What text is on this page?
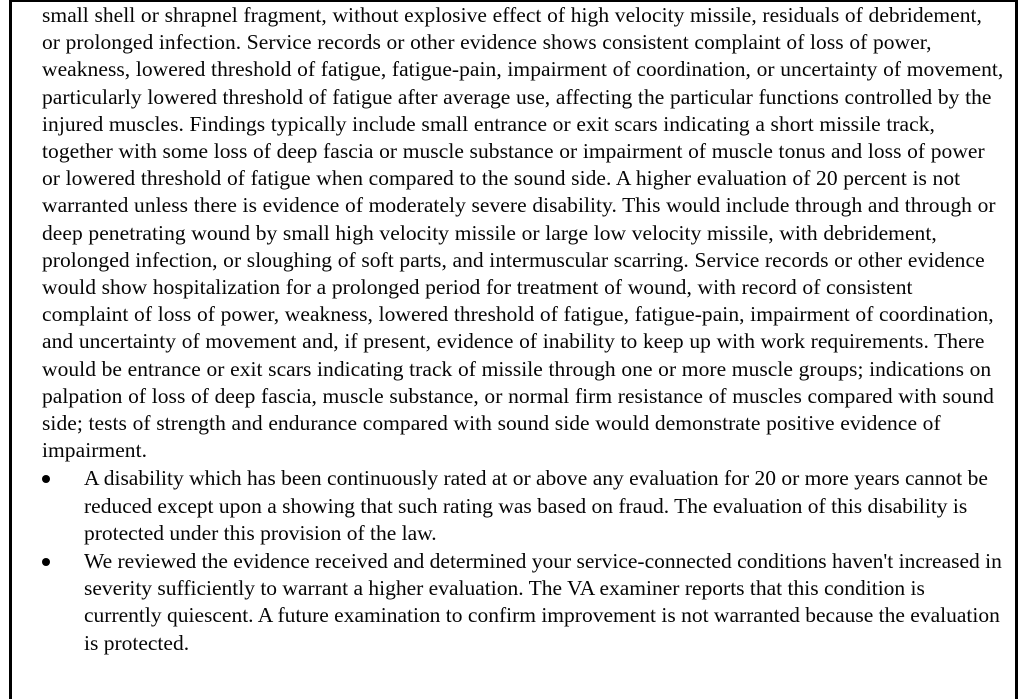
small shell or shrapnel fragment, without explosive effect of high velocity missile, residuals of debridement, or prolonged infection. Service records or other evidence shows consistent complaint of loss of power, weakness, lowered threshold of fatigue, fatigue-pain, impairment of coordination, or uncertainty of movement, particularly lowered threshold of fatigue after average use, affecting the particular functions controlled by the injured muscles. Findings typically include small entrance or exit scars indicating a short missile track, together with some loss of deep fascia or muscle substance or impairment of muscle tonus and loss of power or lowered threshold of fatigue when compared to the sound side. A higher evaluation of 20 percent is not warranted unless there is evidence of moderately severe disability. This would include through and through or deep penetrating wound by small high velocity missile or large low velocity missile, with debridement, prolonged infection, or sloughing of soft parts, and intermuscular scarring. Service records or other evidence would show hospitalization for a prolonged period for treatment of wound, with record of consistent complaint of loss of power, weakness, lowered threshold of fatigue, fatigue-pain, impairment of coordination, and uncertainty of movement and, if present, evidence of inability to keep up with work requirements. There would be entrance or exit scars indicating track of missile through one or more muscle groups; indications on palpation of loss of deep fascia, muscle substance, or normal firm resistance of muscles compared with sound side; tests of strength and endurance compared with sound side would demonstrate positive evidence of impairment.

A disability which has been continuously rated at or above any evaluation for 20 or more years cannot be reduced except upon a showing that such rating was based on fraud. The evaluation of this disability is protected under this provision of the law.
We reviewed the evidence received and determined your service-connected conditions haven't increased in severity sufficiently to warrant a higher evaluation. The VA examiner reports that this condition is currently quiescent. A future examination to confirm improvement is not warranted because the evaluation is protected.
